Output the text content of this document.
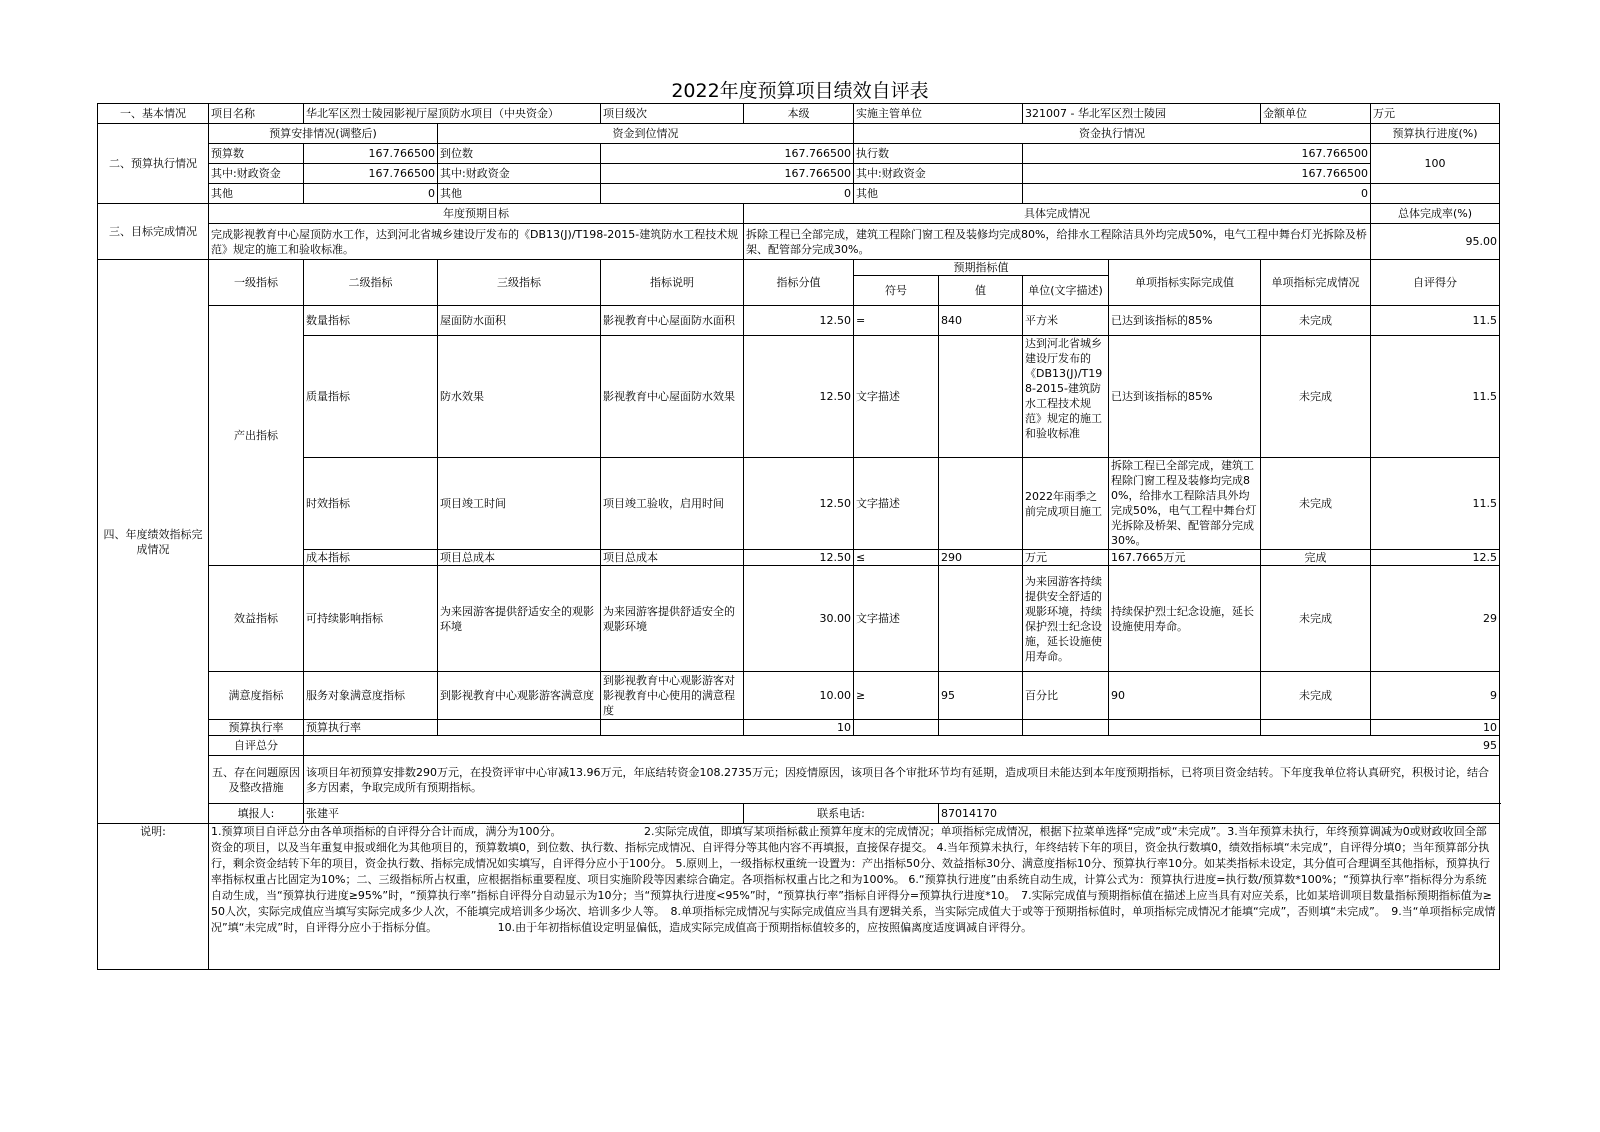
2022年度预算项目绩效自评表
一、基本情况	项目名称	华北军区烈士陵园影视厅屋顶防水项目（中央资金）		项目级次	本级	实施主管单位		321007 - 华北军区烈士陵园		金额单位	万元
二、预算执行情况	预算安排情况(调整后)		资金到位情况			资金执行情况					预算执行进度(%)
	预算数	167.766500	到位数	167.766500		执行数		167.766500			100
	其中:财政资金	167.766500	其中:财政资金	167.766500		其中:财政资金		167.766500			
	其他	0	其他	0		其他		0			
三、目标完成情况	年度预期目标				具体完成情况						总体完成率(%)
	完成影视教育中心屋顶防水工作，达到河北省城乡建设厅发布的《DB13(J)/T198-2015-建筑防水工程技术规范》规定的施工和验收标准。				拆除工程已全部完成，建筑工程除门窗工程及装修均完成80%，给排水工程除洁具外均完成50%，电气工程中舞台灯光拆除及桥架、配管部分完成30%。						95.00
四、年度绩效指标完成情况	一级指标	二级指标	三级指标	指标说明	指标分值	预期指标值			单项指标实际完成值	单项指标完成情况	自评得分
						符号	值	单位(文字描述)			
	产出指标	数量指标	屋面防水面积	影视教育中心屋面防水面积	12.50	=	840	平方米	已达到该指标的85%	未完成	11.5
		质量指标	防水效果	影视教育中心屋面防水效果	12.50	文字描述		达到河北省城乡建设厅发布的《DB13(J)/T198-2015-建筑防水工程技术规范》规定的施工和验收标准	已达到该指标的85%	未完成	11.5
		时效指标	项目竣工时间	项目竣工验收，启用时间	12.50	文字描述		2022年雨季之前完成项目施工	拆除工程已全部完成，建筑工程除门窗工程及装修均完成80%，给排水工程除洁具外均完成50%，电气工程中舞台灯光拆除及桥架、配管部分完成30%。	未完成	11.5
		成本指标	项目总成本	项目总成本	12.50	≤	290	万元	167.7665万元	完成	12.5
	效益指标	可持续影响指标	为来园游客提供舒适安全的观影环境	为来园游客提供舒适安全的观影环境	30.00	文字描述		为来园游客持续提供安全舒适的观影环境，持续保护烈士纪念设施，延长设施使用寿命。	持续保护烈士纪念设施，延长设施使用寿命。	未完成	29
	满意度指标	服务对象满意度指标	到影视教育中心观影游客满意度	到影视教育中心观影游客对影视教育中心使用的满意程度	10.00	≥	95	百分比	90	未完成	9
	预算执行率	预算执行率			10						10
	自评总分	95									
	五、存在问题原因及整改措施	该项目年初预算安排数290万元，在投资评审中心审减13.96万元，年底结转资金108.2735万元；因疫情原因，该项目各个审批环节均有延期，造成项目未能达到本年度预期指标，已将项目资金结转。下年度我单位将认真研究，积极讨论，结合多方因素，争取完成所有预期指标。									
	填报人:	张建平			联系电话:		87014170				
说明:	1.预算项目自评总分由各单项指标的自评得分合计而成，满分为100分。　　　　　　　　2.实际完成值，即填写某项指标截止预算年度末的完成情况；单项指标完成情况，根据下拉菜单选择“完成”或“未完成”。3.当年预算未执行，年终预算调减为0或财政收回全部资金的项目，以及当年重复申报或细化为其他项目的，预算数填0，到位数、执行数、指标完成情况、自评得分等其他内容不再填报，直接保存提交。 4.当年预算未执行，年终结转下年的项目，资金执行数填0，绩效指标填“未完成”，自评得分填0；当年预算部分执行，剩余资金结转下年的项目，资金执行数、指标完成情况如实填写，自评得分应小于100分。 5.原则上，一级指标权重统一设置为：产出指标50分、效益指标30分、满意度指标10分、预算执行率10分。如某类指标未设定，其分值可合理调至其他指标，预算执行率指标权重占比固定为10%；二、三级指标所占权重，应根据指标重要程度、项目实施阶段等因素综合确定。各项指标权重占比之和为100%。 6.“预算执行进度”由系统自动生成，计算公式为：预算执行进度=执行数/预算数*100%；“预算执行率”指标得分为系统自动生成，当“预算执行进度≥95%”时，“预算执行率”指标自评得分自动显示为10分；当“预算执行进度<95%”时，“预算执行率”指标自评得分=预算执行进度*10。　7.实际完成值与预期指标值在描述上应当具有对应关系，比如某培训项目数量指标预期指标值为≥50人次，实际完成值应当填写实际完成多少人次，不能填完成培训多少场次、培训多少人等。　8.单项指标完成情况与实际完成值应当具有逻辑关系，当实际完成值大于或等于预期指标值时，单项指标完成情况才能填“完成”，否则填“未完成”。　9.当“单项指标完成情况”填“未完成”时，自评得分应小于指标分值。　　　　　　10.由于年初指标值设定明显偏低，造成实际完成值高于预期指标值较多的，应按照偏离度适度调减自评得分。										
